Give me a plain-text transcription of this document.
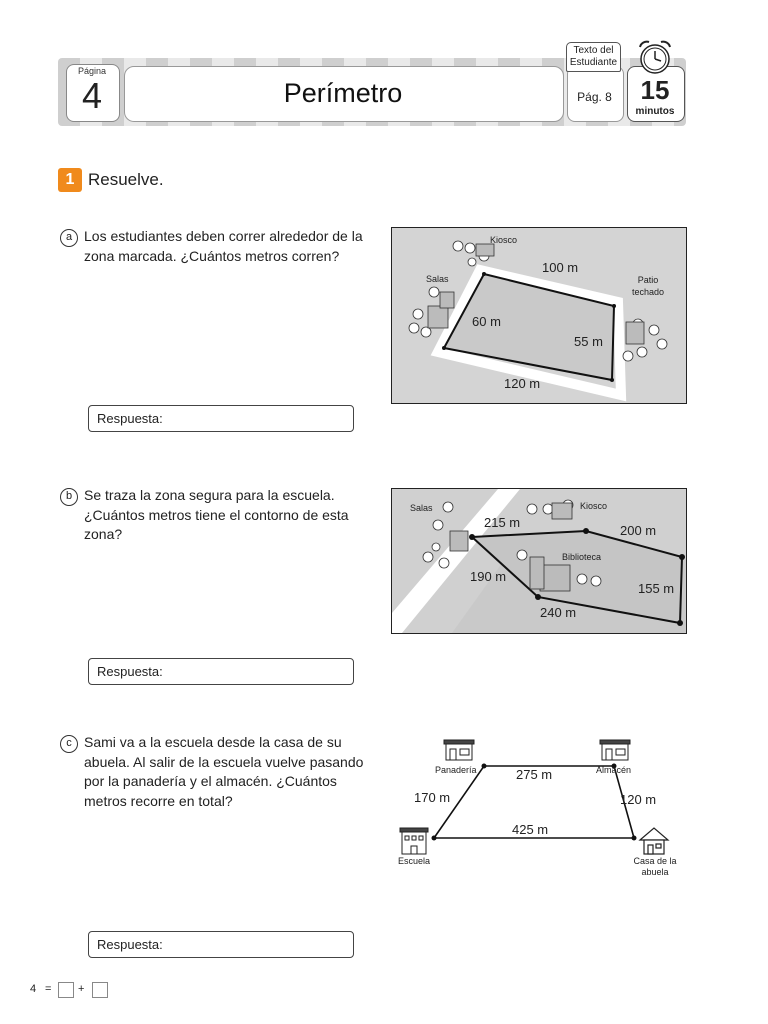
Página
4	Perímetro	Pág. 8
Texto del
Estudiante
15
minutos
1 Resuelve.
a Los estudiantes deben correr alrededor de la zona marcada. ¿Cuántos metros corren?
Respuesta:
Kiosco
Salas	Patio
techado
100 m
60 m
55 m
120 m
b Se traza la zona segura para la escuela. ¿Cuántos metros tiene el contorno de esta zona?
Respuesta:
Salas	Kiosco
Biblioteca
215 m
200 m
190 m
155 m
240 m
c Sami va a la escuela desde la casa de su abuela. Al salir de la escuela vuelve pasando por la panadería y el almacén. ¿Cuántos metros recorre en total?
Respuesta:
Panadería	Almacén
Escuela	Casa de la
abuela
275 m
170 m	120 m
425 m
4 = +
